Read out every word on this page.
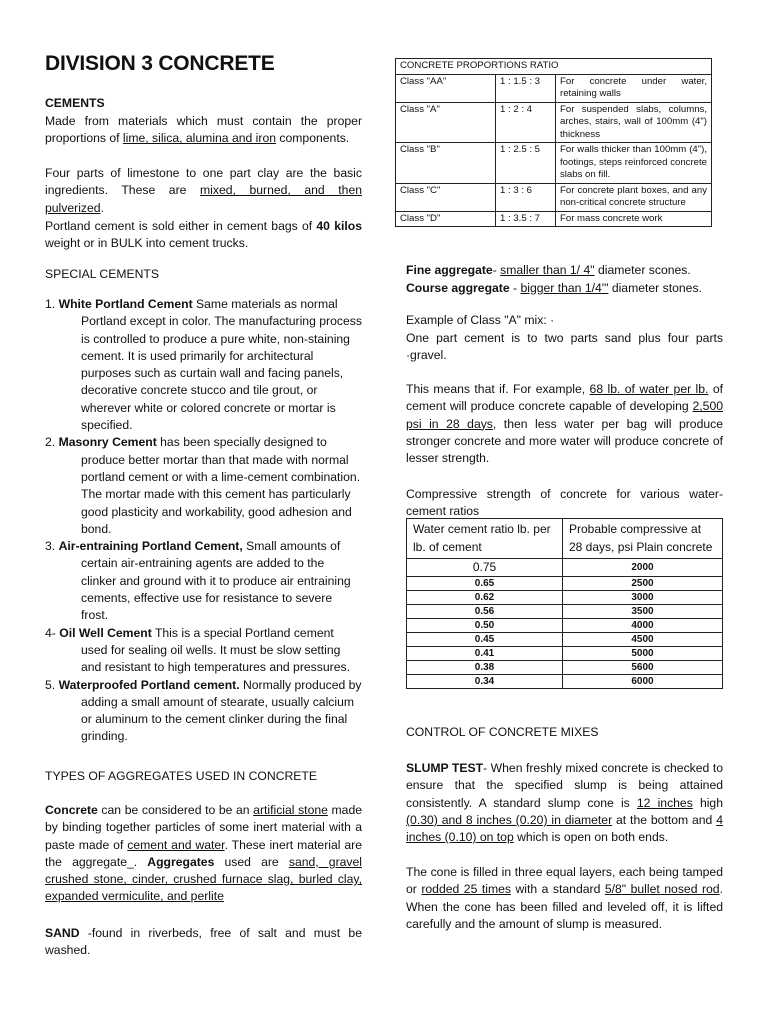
DIVISION 3 CONCRETE

CEMENTS

Made from materials which must contain the proper proportions of lime, silica, alumina and iron components.

Four parts of limestone to one part clay are the basic ingredients. These are mixed, burned, and then pulverized.

Portland cement is sold either in cement bags of 40 kilos weight or in BULK into cement trucks.

SPECIAL CEMENTS

1. White Portland Cement Same materials as normal Portland except in color. The manufacturing process is controlled to produce a pure white, non-staining cement. It is used primarily for architectural purposes such as curtain wall and facing panels, decorative concrete stucco and tile grout, or wherever white or colored concrete or mortar is specified.
2. Masonry Cement has been specially designed to produce better mortar than that made with normal portland cement or with a lime-cement combination. The mortar made with this cement has particularly good plasticity and workability, good adhesion and bond.
3. Air-entraining Portland Cement, Small amounts of certain air-entraining agents are added to the clinker and ground with it to produce air entraining cements, effective use for resistance to severe frost.
4- Oil Well Cement This is a special Portland cement used for sealing oil wells. It must be slow setting and resistant to high temperatures and pressures.
5. Waterproofed Portland cement. Normally produced by adding a small amount of stearate, usually calcium or aluminum to the cement clinker during the final grinding.

TYPES OF AGGREGATES USED IN CONCRETE

Concrete can be considered to be an artificial stone made by binding together particles of some inert material with a paste made of cement and water. These inert material are the aggregate_. Aggregates used are sand, gravel crushed stone, cinder, crushed furnace slag, burled clay, expanded vermiculite, and perlite

SAND -found in riverbeds, free of salt and must be washed.

CONCRETE PROPORTIONS RATIO		
Class "AA"	1 : 1.5 : 3	For concrete under water, retaining walls
Class "A"	1 : 2 : 4	For suspended slabs, columns, arches, stairs, wall of 100mm (4") thickness
Class "B"	1 : 2.5 : 5	For walls thicker than 100mm (4"), footings, steps reinforced concrete slabs on fill.
Class "C"	1 : 3 : 6	For concrete plant boxes, and any non-critical concrete structure
Class "D"	1 : 3.5 : 7	For mass concrete work

Fine aggregate- smaller than 1/ 4" diameter scones.

Course aggregate - bigger than 1/4'" diameter stones.

Example of Class "A" mix: ·

One part cement is to two parts sand plus four parts ·gravel.

This means that if. For example, 68 lb. of water per lb. of cement will produce concrete capable of developing 2,500 psi in 28 days, then less water per bag will produce stronger concrete and more water will produce concrete of lesser strength.

Compressive strength of concrete for various water-cement ratios

CONTROL OF CONCRETE MIXES

SLUMP TEST- When freshly mixed concrete is checked to ensure that the specified slump is being attained consistently. A standard slump cone is 12 inches high (0.30) and 8 inches (0.20) in diameter at the bottom and 4 inches (0.10) on top which is open on both ends.

The cone is filled in three equal layers, each being tamped or rodded 25 times with a standard 5/8" bullet nosed rod. When the cone has been filled and leveled off, it is lifted carefully and the amount of slump is measured.

Water cement ratio lb. per lb. of cement	Probable compressive at 28 days, psi Plain concrete
0.75	2000
0.65	2500
0.62	3000
0.56	3500
0.50	4000
0.45	4500
0.41	5000
0.38	5600
0.34	6000
